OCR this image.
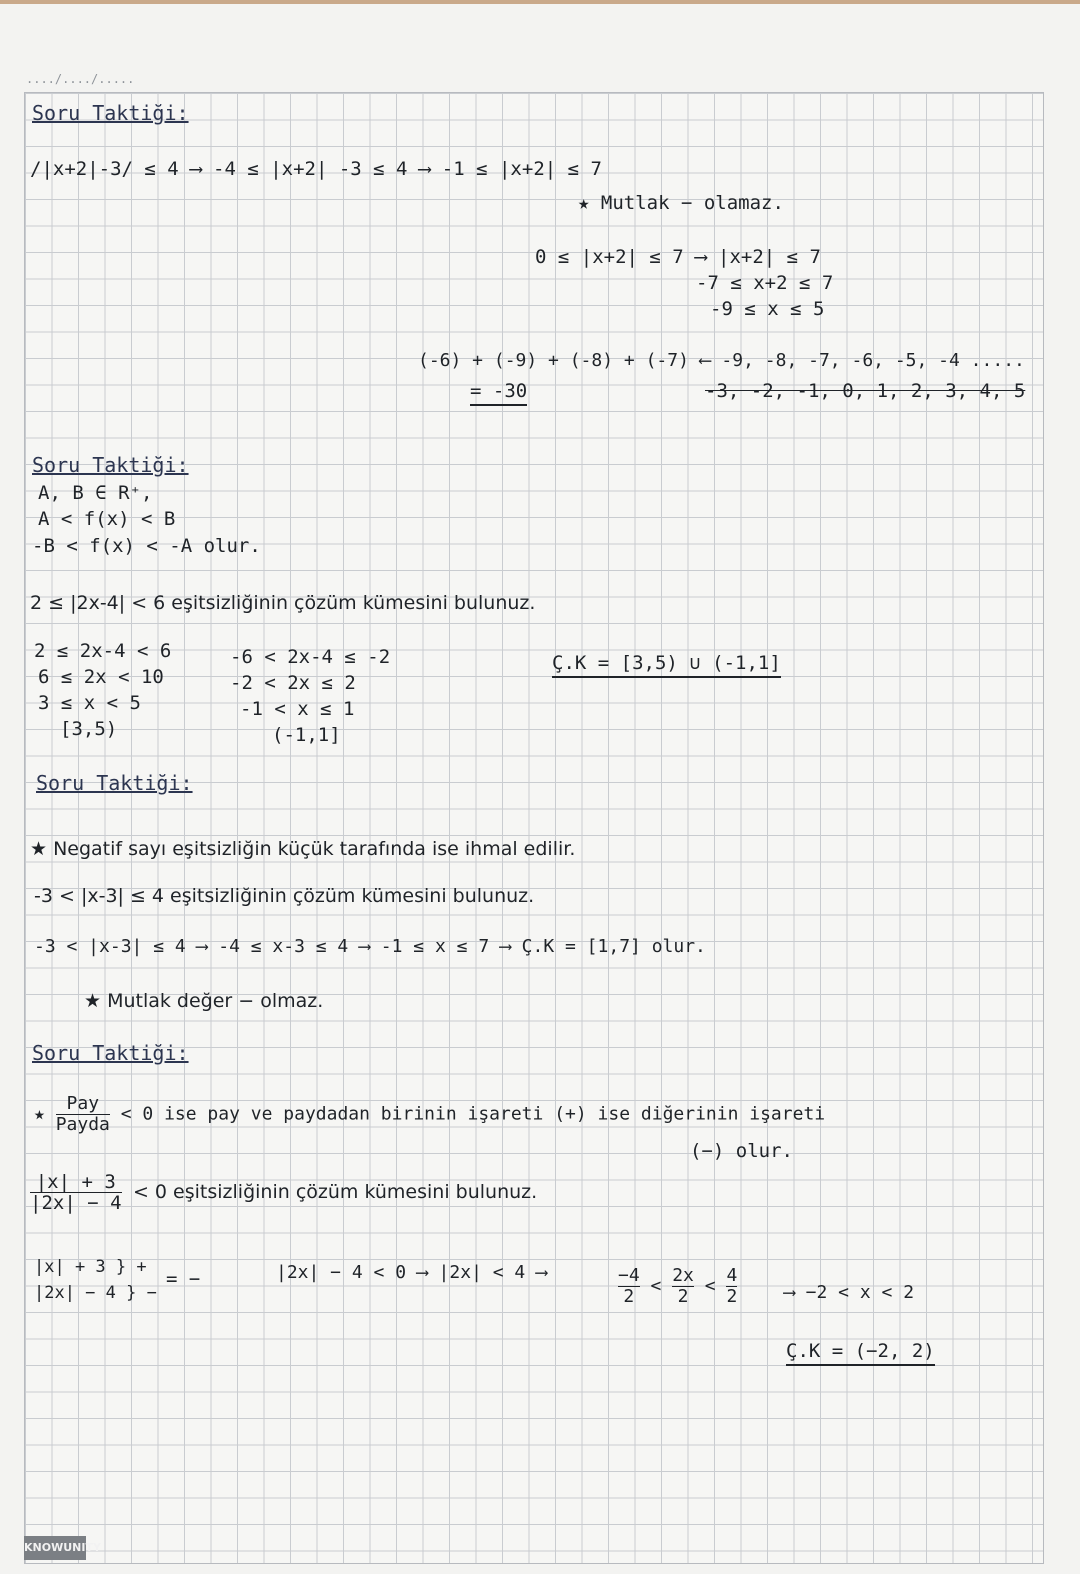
..../..../.....
Soru Taktiği:
/|x+2|-3/ ≤ 4 ⟶ -4 ≤ |x+2| -3 ≤ 4 ⟶ -1 ≤ |x+2| ≤ 7
★ Mutlak − olamaz.
0 ≤ |x+2| ≤ 7 ⟶ |x+2| ≤ 7
-7 ≤ x+2 ≤ 7
-9 ≤ x ≤ 5
(-6) + (-9) + (-8) + (-7) ⟵ -9, -8, -7, -6, -5, -4 .....
= -30	-3, -2, -1, 0, 1, 2, 3, 4, 5
Soru Taktiği:
A, B ∈ R⁺,
A < f(x) < B
-B < f(x) < -A olur.
2 ≤ |2x-4| < 6 eşitsizliğinin çözüm kümesini bulunuz.
2 ≤ 2x-4 < 6
6 ≤ 2x < 10
3 ≤ x < 5
[3,5)
-6 < 2x-4 ≤ -2
-2 < 2x ≤ 2
-1 < x ≤ 1
(-1,1]
Ç.K = [3,5) ∪ (-1,1]
Soru Taktiği:
★ Negatif sayı eşitsizliğin küçük tarafında ise ihmal edilir.
-3 < |x-3| ≤ 4 eşitsizliğinin çözüm kümesini bulunuz.
-3 < |x-3| ≤ 4 ⟶ -4 ≤ x-3 ≤ 4 ⟶ -1 ≤ x ≤ 7 ⟶ Ç.K = [1,7] olur.
★ Mutlak değer − olmaz.
Soru Taktiği:
★ $\frac{\text{Pay}}{\text{Payda}} < 0$ ise pay ve paydadan birinin işareti (+) ise diğerinin işareti
(−) olur.
$\frac{|x| + 3}{|2x| - 4} < 0$ eşitsizliğinin çözüm kümesini bulunuz.
|x| + 3 } +
|2x| − 4 } −
= −	|2x| − 4 < 0 ⟶ |2x| < 4 ⟶	$\frac{-4}{2} < \frac{2x}{2} < \frac{4}{2}$	⟶ −2 < x < 2
Ç.K = (−2, 2)
KNOWUNITY
